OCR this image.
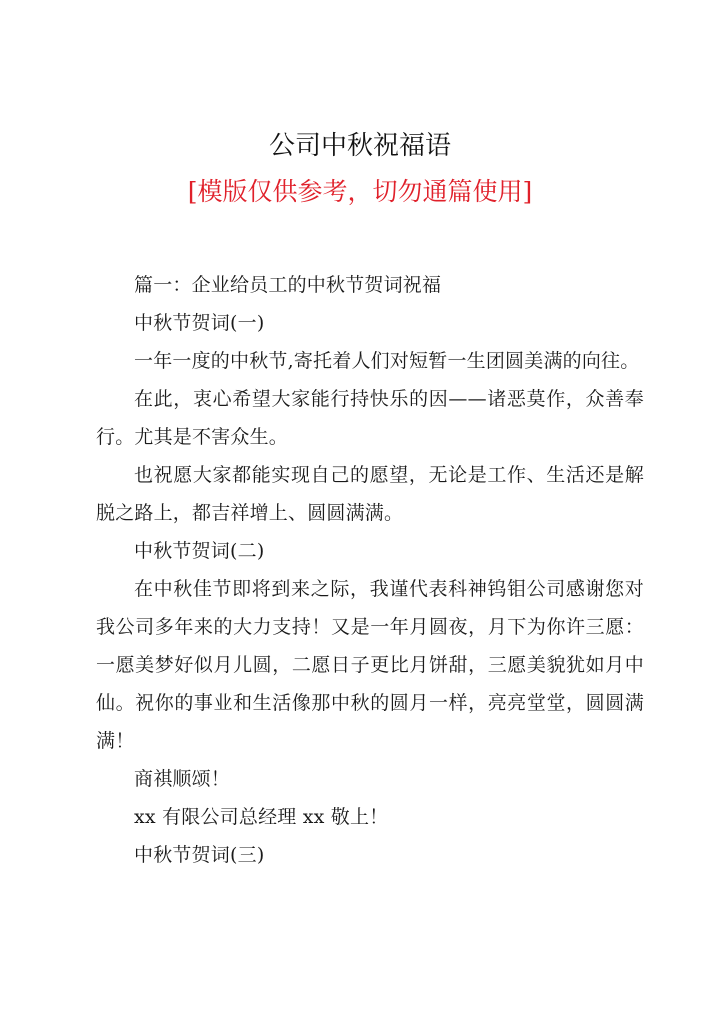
公司中秋祝福语
[模版仅供参考，切勿通篇使用]

篇一：企业给员工的中秋节贺词祝福

中秋节贺词(一)

一年一度的中秋节,寄托着人们对短暂一生团圆美满的向往。

在此，衷心希望大家能行持快乐的因——诸恶莫作，众善奉行。尤其是不害众生。

也祝愿大家都能实现自己的愿望，无论是工作、生活还是解脱之路上，都吉祥增上、圆圆满满。

中秋节贺词(二)

在中秋佳节即将到来之际，我谨代表科神钨钼公司感谢您对我公司多年来的大力支持！又是一年月圆夜，月下为你许三愿：一愿美梦好似月儿圆，二愿日子更比月饼甜，三愿美貌犹如月中仙。祝你的事业和生活像那中秋的圆月一样，亮亮堂堂，圆圆满满！

商祺顺颂！

xx 有限公司总经理 xx 敬上！

中秋节贺词(三)
